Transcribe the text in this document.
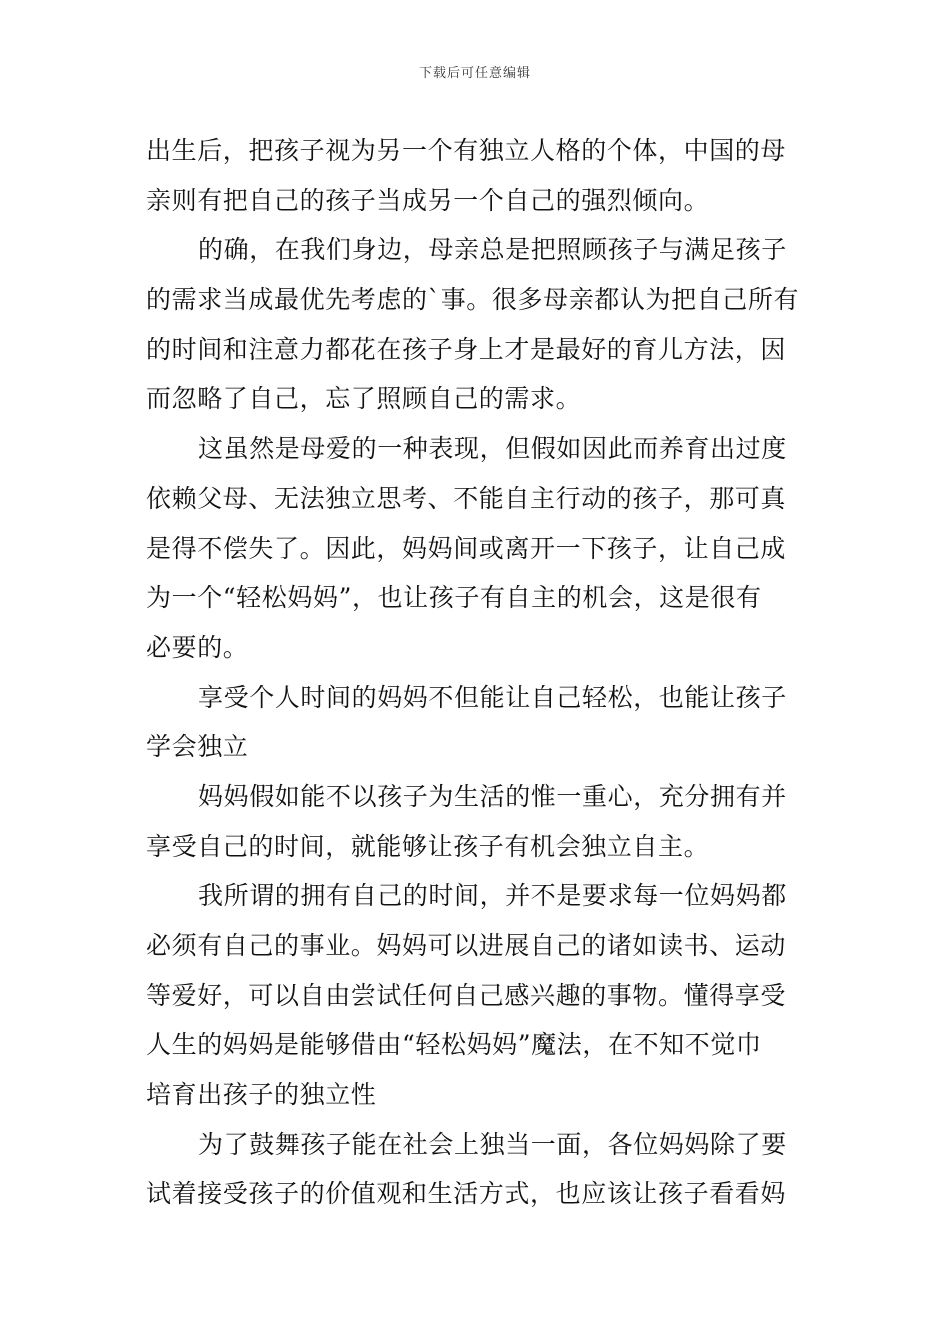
下载后可任意编辑
出生后，把孩子视为另一个有独立人格的个体，中国的母
亲则有把自己的孩子当成另一个自己的强烈倾向。
的确，在我们身边，母亲总是把照顾孩子与满足孩子
的需求当成最优先考虑的`事。很多母亲都认为把自己所有
的时间和注意力都花在孩子身上才是最好的育儿方法，因
而忽略了自己，忘了照顾自己的需求。
这虽然是母爱的一种表现，但假如因此而养育出过度
依赖父母、无法独立思考、不能自主行动的孩子，那可真
是得不偿失了。因此，妈妈间或离开一下孩子，让自己成
为一个“轻松妈妈”，也让孩子有自主的机会，这是很有
必要的。
享受个人时间的妈妈不但能让自己轻松，也能让孩子
学会独立
妈妈假如能不以孩子为生活的惟一重心，充分拥有并
享受自己的时间，就能够让孩子有机会独立自主。
我所谓的拥有自己的时间，并不是要求每一位妈妈都
必须有自己的事业。妈妈可以进展自己的诸如读书、运动
等爱好，可以自由尝试任何自己感兴趣的事物。懂得享受
人生的妈妈是能够借由“轻松妈妈”魔法，在不知不觉巾
培育出孩子的独立性
为了鼓舞孩子能在社会上独当一面，各位妈妈除了要
试着接受孩子的价值观和生活方式，也应该让孩子看看妈
